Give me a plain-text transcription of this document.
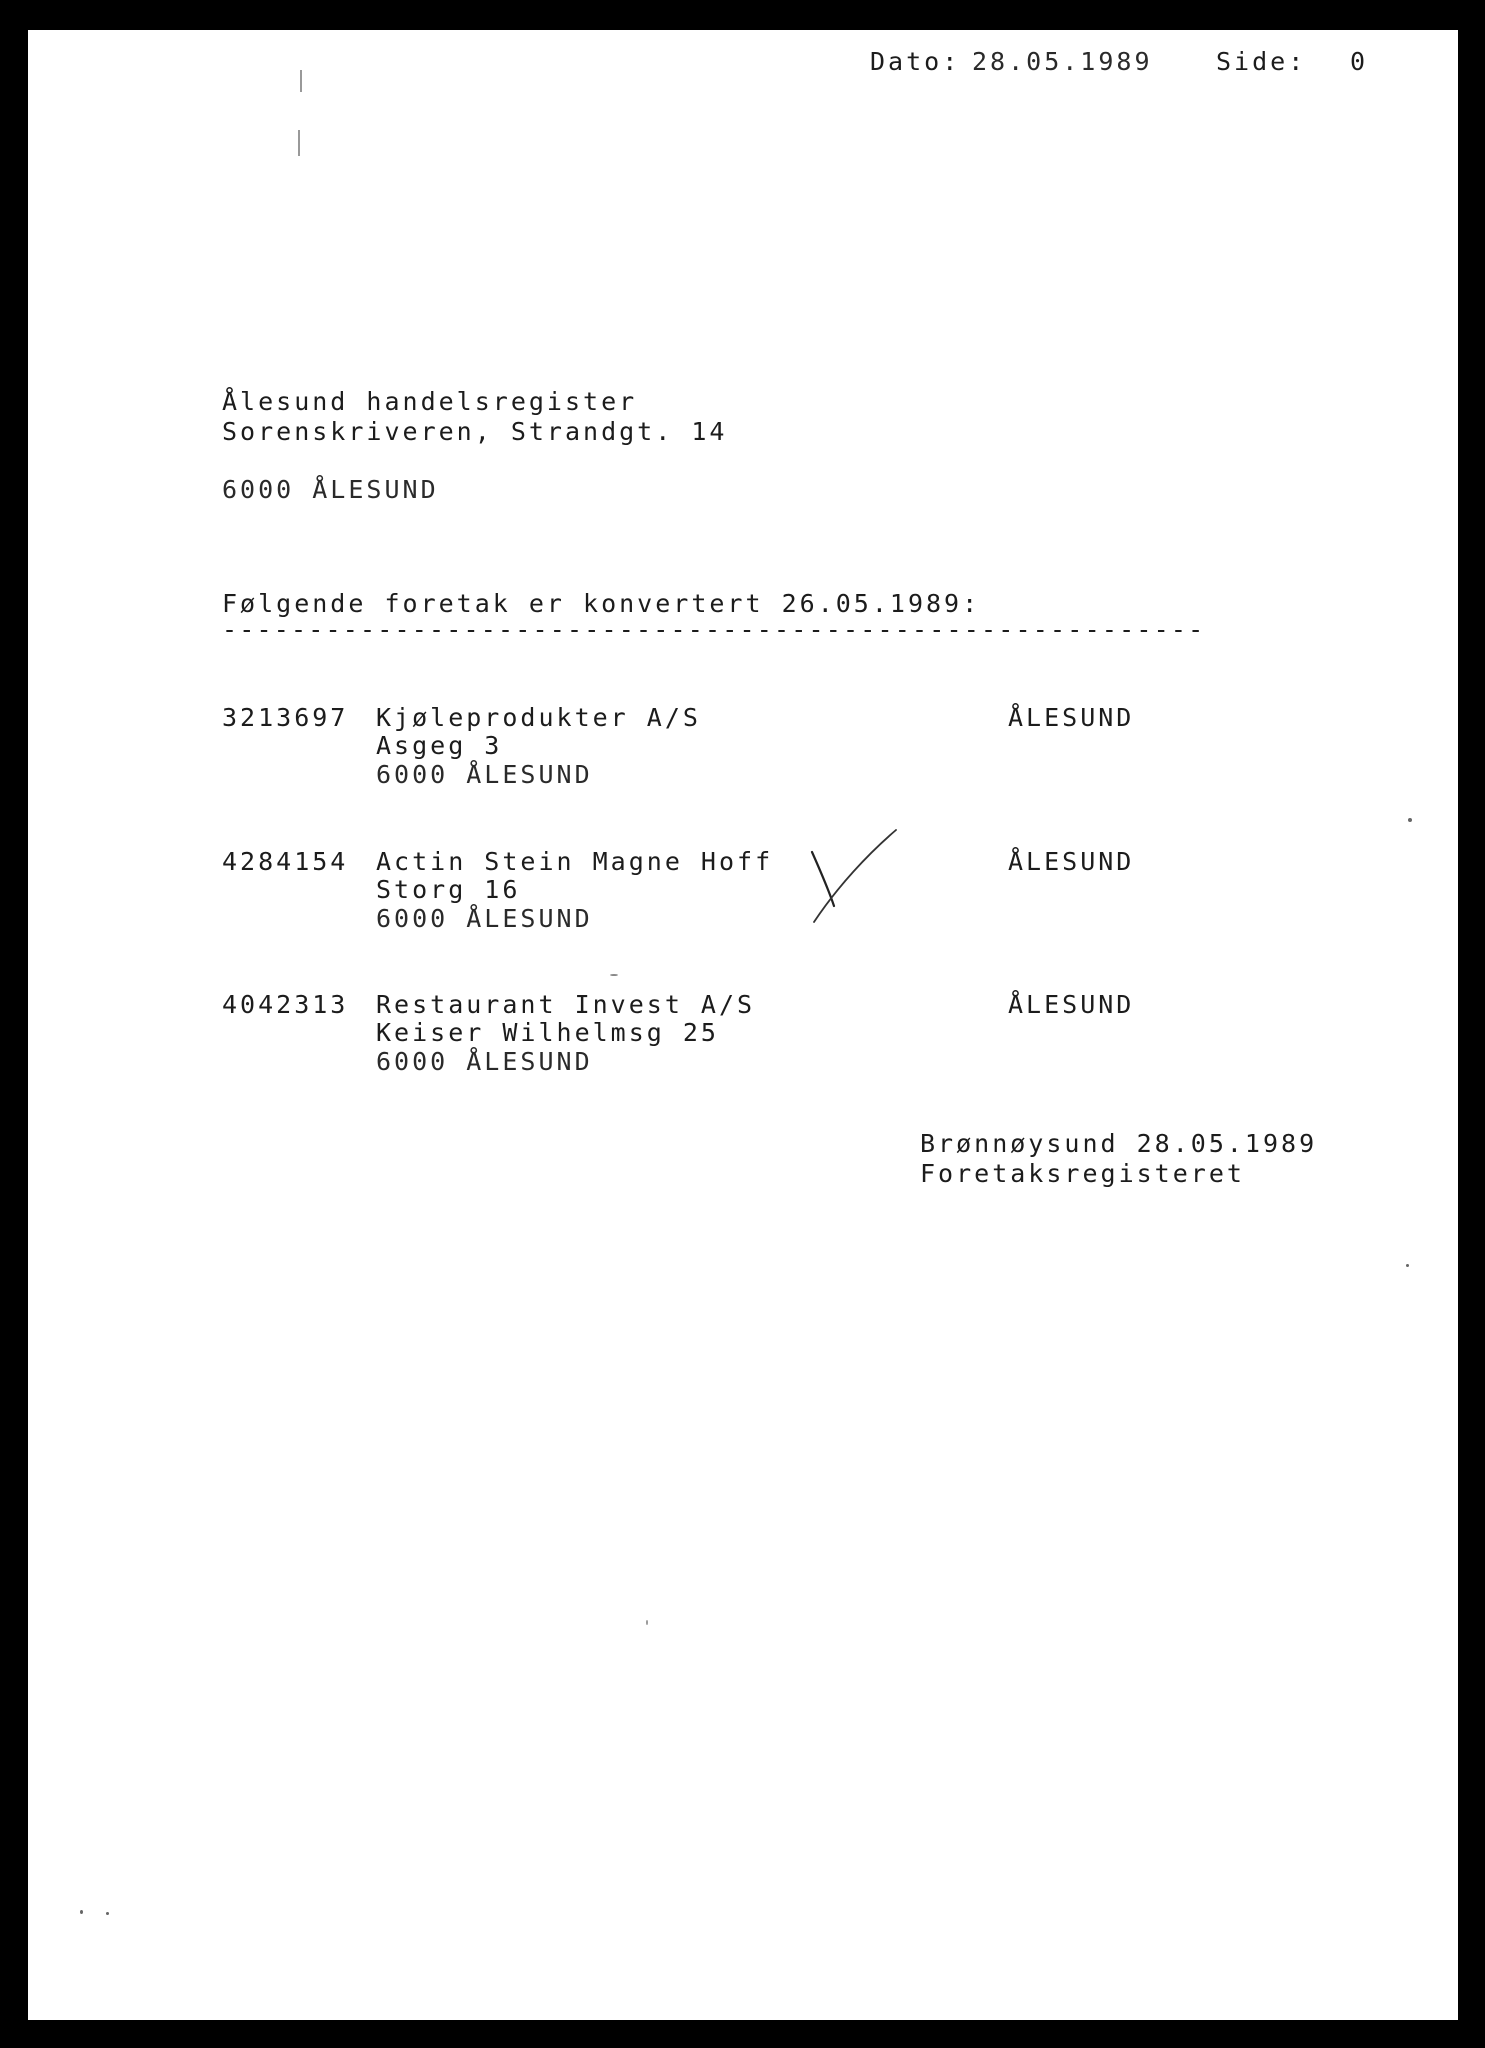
Dato: 28.05.1989	Side: 0
Ålesund handelsregister
Sorenskriveren, Strandgt. 14
6000 ÅLESUND
Følgende foretak er konvertert 26.05.1989:
---------------------------------------------------------
3213697 Kjøleprodukter A/S
Asgeg 3
6000 ÅLESUND
ÅLESUND
4284154 Actin Stein Magne Hoff
Storg 16
6000 ÅLESUND
ÅLESUND
4042313 Restaurant Invest A/S
Keiser Wilhelmsg 25
6000 ÅLESUND
ÅLESUND
Brønnøysund 28.05.1989
Foretaksregisteret
